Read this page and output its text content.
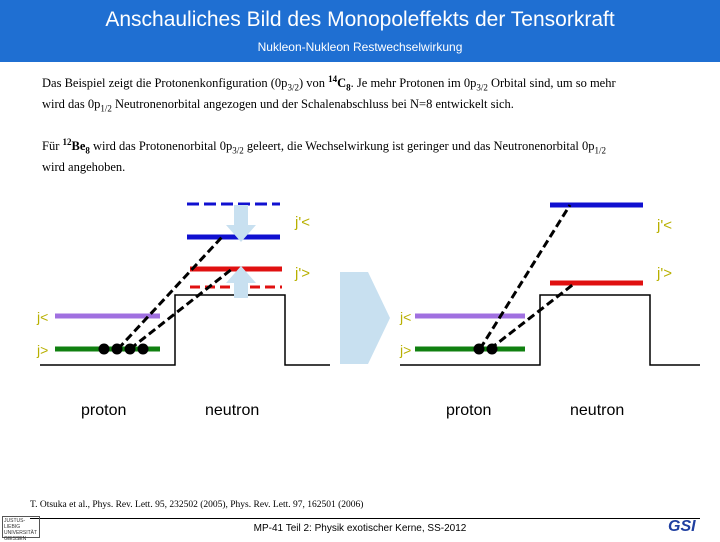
Anschauliches Bild des Monopoleffekts der Tensorkraft
Nukleon-Nukleon Restwechselwirkung
Das Beispiel zeigt die Protonenkonfiguration $(0p_{3/2})$ von $^{14}C_8$. Je mehr Protonen im $0p_{3/2}$ Orbital sind, um so mehr
wird das $0p_{1/2}$ Neutronenorbital angezogen und der Schalenabschluss bei N=8 entwickelt sich.
Für $^{12}Be_8$ wird das Protonenorbital $0p_{3/2}$ geleert, die Wechselwirkung ist geringer und das Neutronenorbital $0p_{1/2}$
wird angehoben.
j<
j>
j'<
j'>
proton	neutron
j<
j>
j'<
j'>
proton	neutron
T. Otsuka et al., Phys. Rev. Lett. 95, 232502 (2005), Phys. Rev. Lett. 97, 162501 (2006)
MP-41 Teil 2: Physik exotischer Kerne, SS-2012
JUSTUS-LIEBIG UNIVERSITÄT GIESSEN
GSI
